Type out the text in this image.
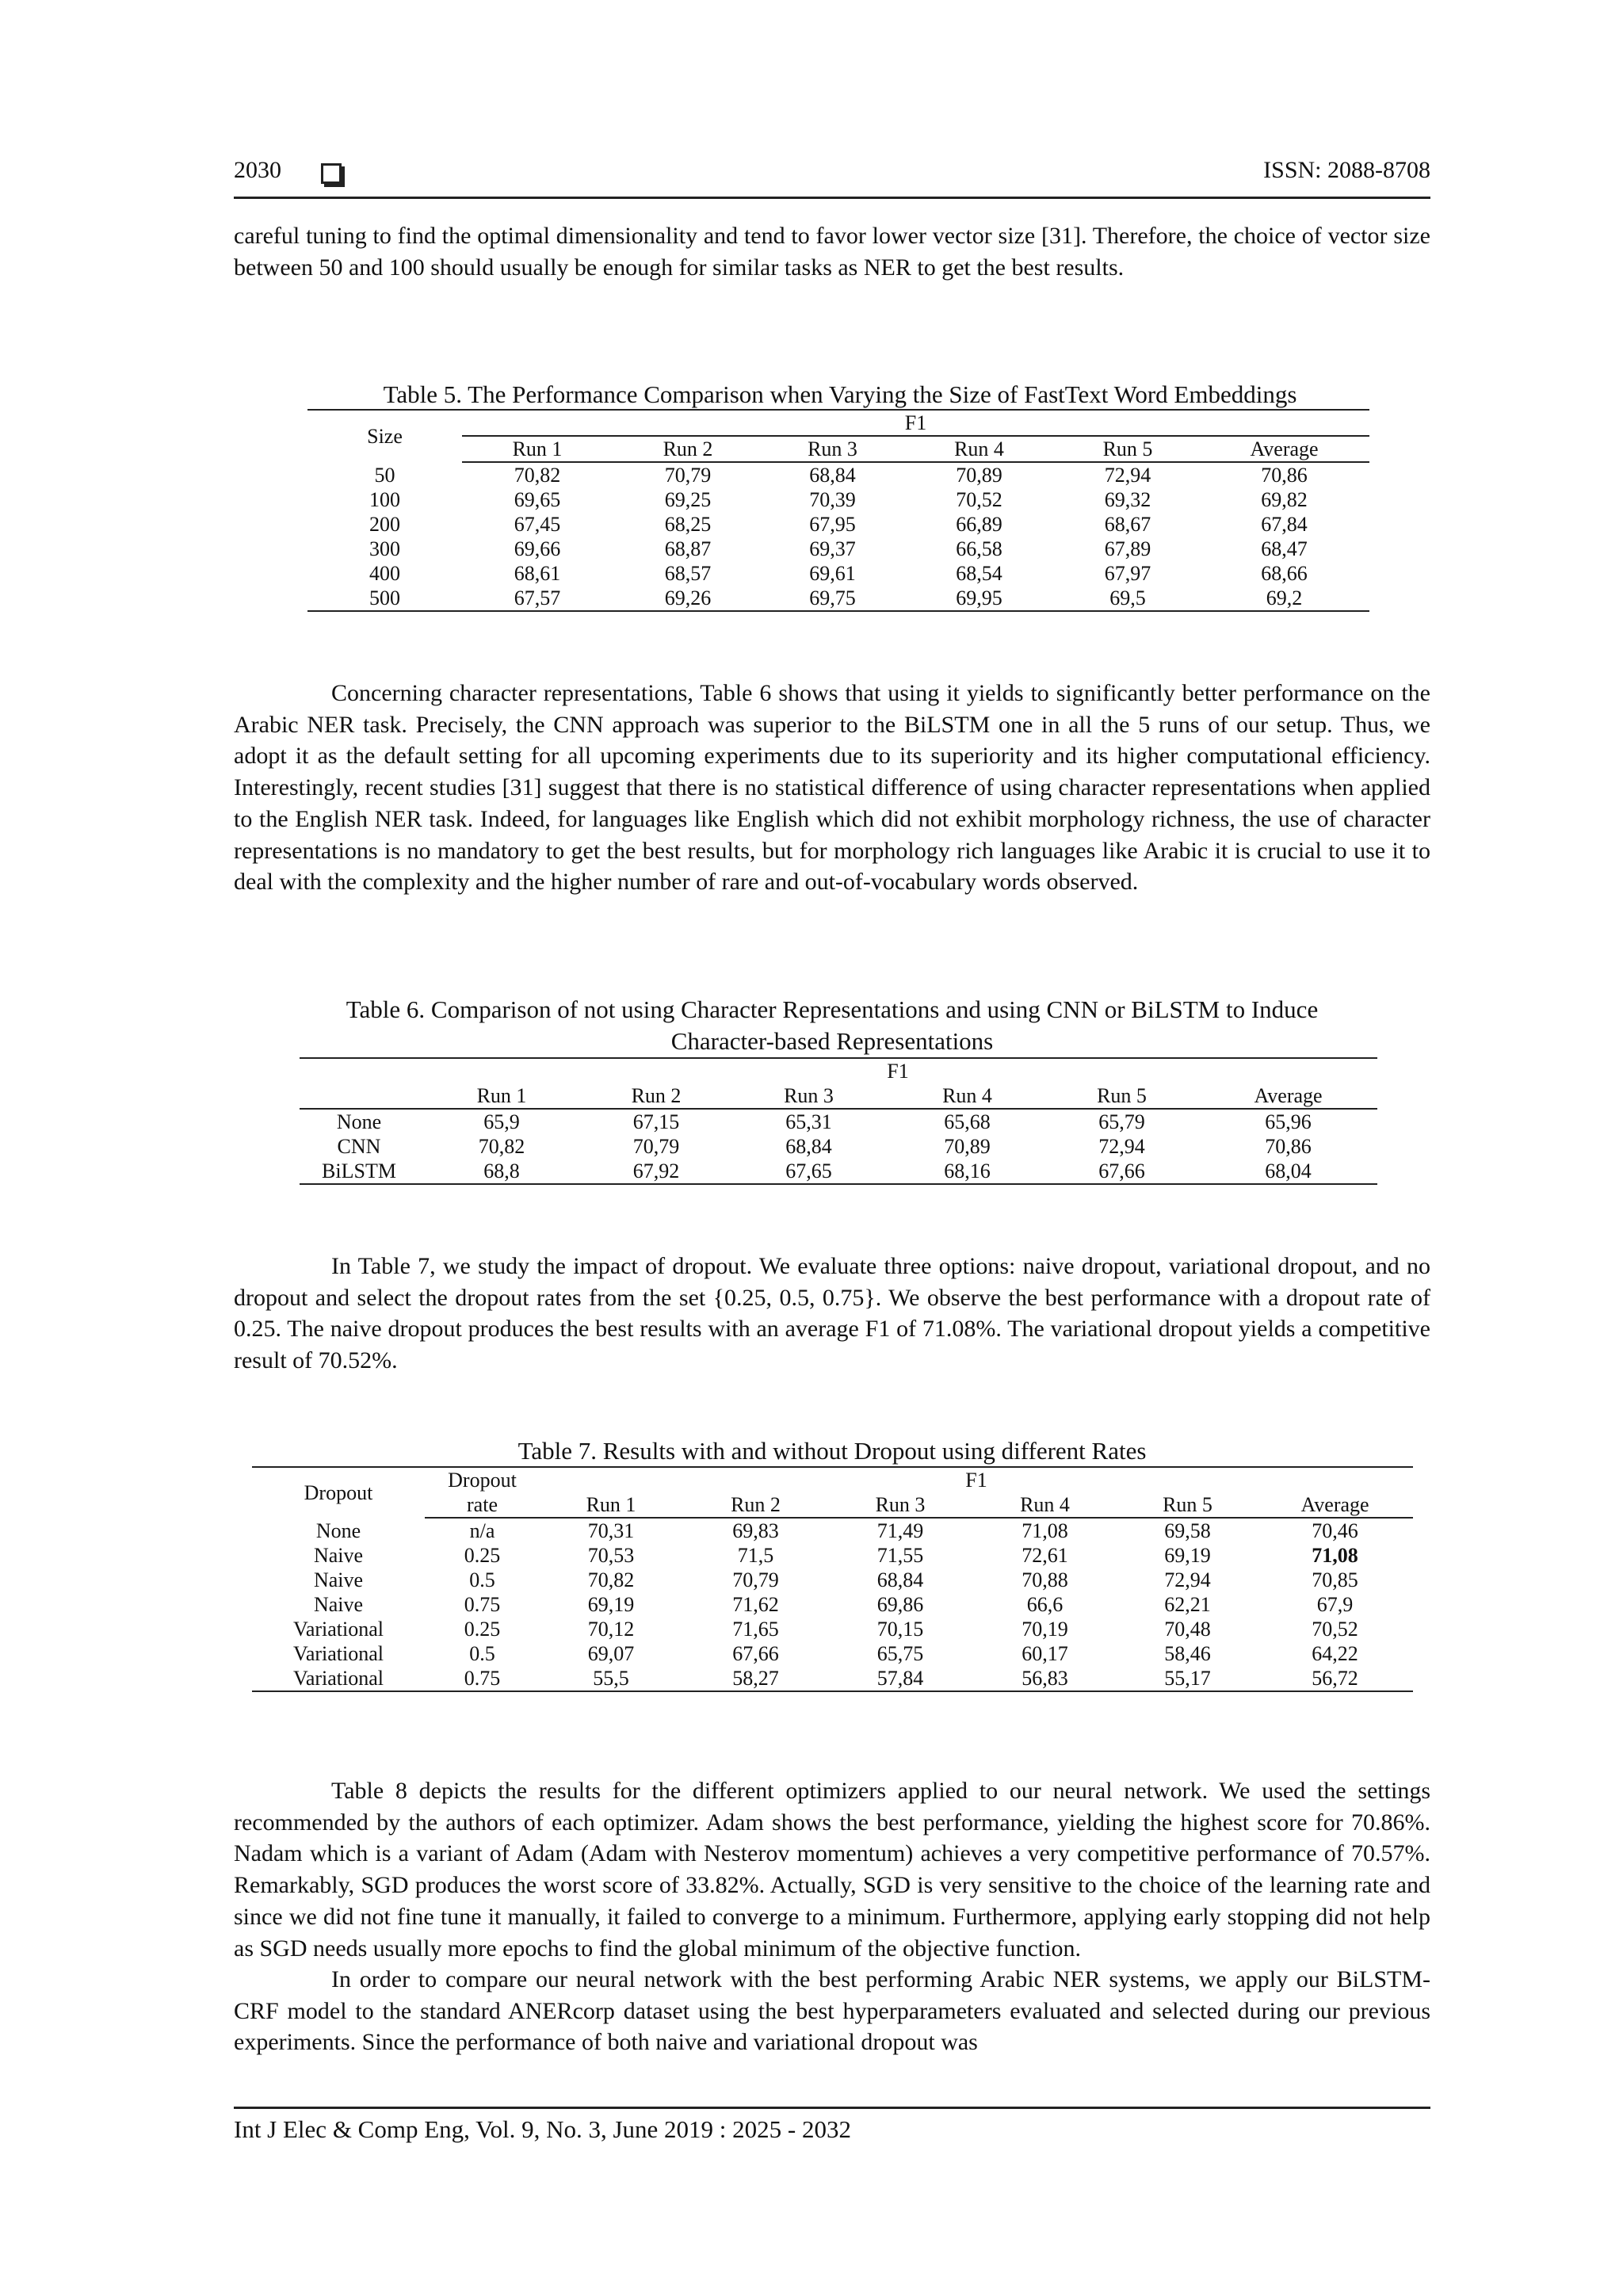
2030	ISSN: 2088-8708

careful tuning to find the optimal dimensionality and tend to favor lower vector size [31]. Therefore, the choice of vector size between 50 and 100 should usually be enough for similar tasks as NER to get the best results.

Table 5. The Performance Comparison when Varying the Size of FastText Word Embeddings
Size	F1					
	Run 1	Run 2	Run 3	Run 4	Run 5	Average
50	70,82	70,79	68,84	70,89	72,94	70,86
100	69,65	69,25	70,39	70,52	69,32	69,82
200	67,45	68,25	67,95	66,89	68,67	67,84
300	69,66	68,87	69,37	66,58	67,89	68,47
400	68,61	68,57	69,61	68,54	67,97	68,66
500	67,57	69,26	69,75	69,95	69,5	69,2

Concerning character representations, Table 6 shows that using it yields to significantly better performance on the Arabic NER task. Precisely, the CNN approach was superior to the BiLSTM one in all the 5 runs of our setup. Thus, we adopt it as the default setting for all upcoming experiments due to its superiority and its higher computational efficiency. Interestingly, recent studies [31] suggest that there is no statistical difference of using character representations when applied to the English NER task. Indeed, for languages like English which did not exhibit morphology richness, the use of character representations is no mandatory to get the best results, but for morphology rich languages like Arabic it is crucial to use it to deal with the complexity and the higher number of rare and out-of-vocabulary words observed.

Table 6. Comparison of not using Character Representations and using CNN or BiLSTM to Induce
Character-based Representations
	F1					
	Run 1	Run 2	Run 3	Run 4	Run 5	Average
None	65,9	67,15	65,31	65,68	65,79	65,96
CNN	70,82	70,79	68,84	70,89	72,94	70,86
BiLSTM	68,8	67,92	67,65	68,16	67,66	68,04

In Table 7, we study the impact of dropout. We evaluate three options: naive dropout, variational dropout, and no dropout and select the dropout rates from the set {0.25, 0.5, 0.75}. We observe the best performance with a dropout rate of 0.25. The naive dropout produces the best results with an average F1 of 71.08%. The variational dropout yields a competitive result of 70.52%.

Table 7. Results with and without Dropout using different Rates
Dropout	Dropout	F1					
	rate	Run 1	Run 2	Run 3	Run 4	Run 5	Average
None	n/a	70,31	69,83	71,49	71,08	69,58	70,46
Naive	0.25	70,53	71,5	71,55	72,61	69,19	71,08
Naive	0.5	70,82	70,79	68,84	70,88	72,94	70,85
Naive	0.75	69,19	71,62	69,86	66,6	62,21	67,9
Variational	0.25	70,12	71,65	70,15	70,19	70,48	70,52
Variational	0.5	69,07	67,66	65,75	60,17	58,46	64,22
Variational	0.75	55,5	58,27	57,84	56,83	55,17	56,72

Table 8 depicts the results for the different optimizers applied to our neural network. We used the settings recommended by the authors of each optimizer. Adam shows the best performance, yielding the highest score for 70.86%. Nadam which is a variant of Adam (Adam with Nesterov momentum) achieves a very competitive performance of 70.57%. Remarkably, SGD produces the worst score of 33.82%. Actually, SGD is very sensitive to the choice of the learning rate and since we did not fine tune it manually, it failed to converge to a minimum. Furthermore, applying early stopping did not help as SGD needs usually more epochs to find the global minimum of the objective function.

In order to compare our neural network with the best performing Arabic NER systems, we apply our BiLSTM-CRF model to the standard ANERcorp dataset using the best hyperparameters evaluated and selected during our previous experiments. Since the performance of both naive and variational dropout was

Int J Elec & Comp Eng, Vol. 9, No. 3, June 2019 : 2025 - 2032
